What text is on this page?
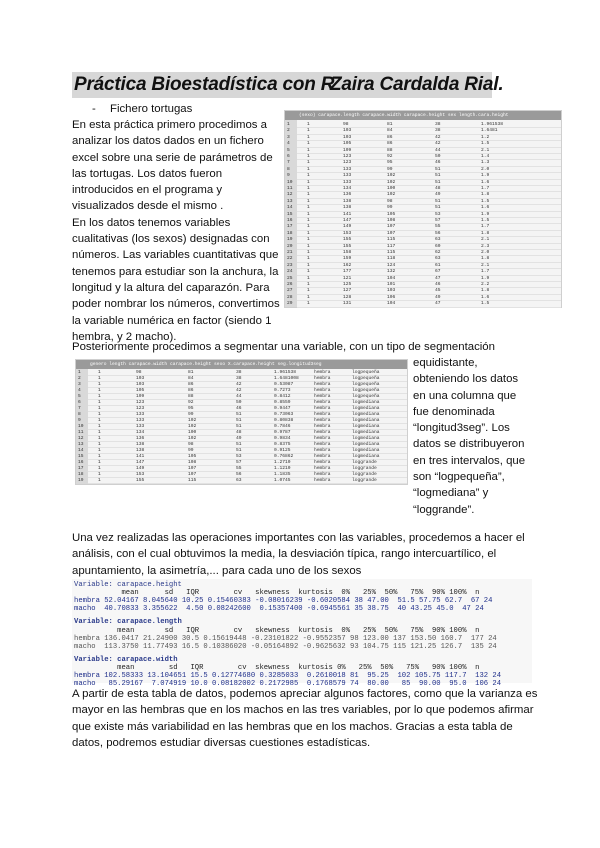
Práctica Bioestadística con R
Zaira Cardalda Rial.
- Fichero tortugas
En esta práctica primero procedimos a
analizar los datos dados en un fichero
excel sobre una serie de parámetros de
las tortugas. Los datos fueron
introducidos en el programa y
visualizados desde el mismo .
En los datos tenemos variables
cualitativas (los sexos) designadas con
números. Las variables cuantitativas que
tenemos para estudiar son la anchura, la
longitud y la altura del caparazón. Para
poder nombrar los números, convertimos
la variable numérica en factor (siendo 1
hembra, y 2 macho).
(sexo) carapace.length carapace.width carapace.height sex length.cara.height
1	1	98	81	38	1.961538
2	1	103	84	38	1.6481
3	1	103	86	42	1.2
4	1	105	86	42	1.5
5	1	109	88	44	2.1
6	1	123	92	50	1.4
7	1	123	95	46	1.3
8	1	133	99	51	2.0
9	1	133	102	51	1.9
10	1	133	102	51	1.6
11	1	134	100	48	1.7
12	1	136	102	49	1.8
13	1	138	98	51	1.5
14	1	138	99	51	1.6
15	1	141	105	53	1.9
16	1	147	108	57	1.5
17	1	149	107	55	1.7
18	1	153	107	56	1.8
19	1	155	115	63	2.1
20	1	155	117	60	2.3
21	1	158	115	62	2.0
22	1	159	118	63	1.8
23	1	162	124	61	2.1
24	1	177	132	67	1.7
25	1	121	104	47	1.9
26	1	125	101	46	2.2
27	1	127	103	45	1.8
28	1	128	106	49	1.6
29	1	131	104	47	1.5
Posteriormente procedimos a segmentar una variable, con un tipo de segmentación
genero length carapace.width carapace.height sexo X.carapace.height seg.longitud3seg
1	1	98	81	38	1.961538	hembra	logpequeña
2	1	103	84	38	1.6481008	hembra	logpequeña
3	1	103	86	42	0.53087	hembra	logpequeña
4	1	105	86	42	0.7273	hembra	logpequeña
5	1	109	88	44	0.8412	hembra	logpequeña
6	1	123	92	50	0.8559	hembra	logmediana
7	1	123	95	46	0.9447	hembra	logmediana
8	1	133	99	51	0.73063	hembra	logmediana
9	1	133	102	51	0.80838	hembra	logmediana
10	1	133	102	51	0.7846	hembra	logmediana
11	1	134	100	48	0.9787	hembra	logmediana
12	1	136	102	49	0.9834	hembra	logmediana
13	1	138	98	51	0.8375	hembra	logmediana
14	1	138	99	51	0.9125	hembra	logmediana
15	1	141	105	53	0.76862	hembra	logmediana
16	1	147	108	57	1.2710	hembra	loggrande
17	1	149	107	55	1.1210	hembra	loggrande
18	1	153	107	56	1.1835	hembra	loggrande
19	1	155	115	63	1.0745	hembra	loggrande
equidistante,
obteniendo los datos
en una columna que
fue denominada
“longitud3seg”. Los
datos se distribuyeron
en tres intervalos, que
son “logpequeña”,
“logmediana” y
“loggrande”.
Una vez realizadas las operaciones importantes con las variables, procedemos a hacer el
análisis, con el cual obtuvimos la media, la desviación típica, rango intercuartílico, el
apuntamiento, la asimetría,... para cada uno de los sexos
Variable: carapace.height
mean      sd   IQR        cv   skewness  kurtosis  0%   25%  50%   75%  90% 100%  n
hembra 52.04167 8.045640 10.25 0.15460383 -0.08016239 -0.6020584 38 47.00  51.5 57.75 62.7  67 24
macho  40.70833 3.355622  4.50 0.08242600  0.15357400 -0.6945561 35 38.75  40 43.25 45.0  47 24
Variable: carapace.length
mean       sd   IQR        cv   skewness  kurtosis  0%   25%  50%   75%  90% 100%  n
hembra 136.0417 21.24900 30.5 0.15619448 -0.23101822 -0.9552357 98 123.00 137 153.50 160.7  177 24
macho  113.3750 11.77493 16.5 0.10386020 -0.05164892 -0.9625632 93 104.75 115 121.25 126.7  135 24
Variable: carapace.width
mean        sd   IQR        cv  skewness  kurtosis 0%   25%  50%   75%   90% 100%  n
hembra 102.58333 13.104651 15.5 0.12774680 0.3285033  0.2610018 81  95.25  102 105.75 117.7  132 24
macho   85.29167  7.074919 10.0 0.08182002 0.2172985  0.1768579 74  80.00   85  90.00  95.0  106 24
A partir de esta tabla de datos, podemos apreciar algunos factores, como que la varianza es
mayor en las hembras que en los machos en las tres variables, por lo que podemos afirmar
que existe más variabilidad en las hembras que en los machos. Gracias a esta tabla de
datos, podremos estudiar diversas cuestiones estadísticas.
